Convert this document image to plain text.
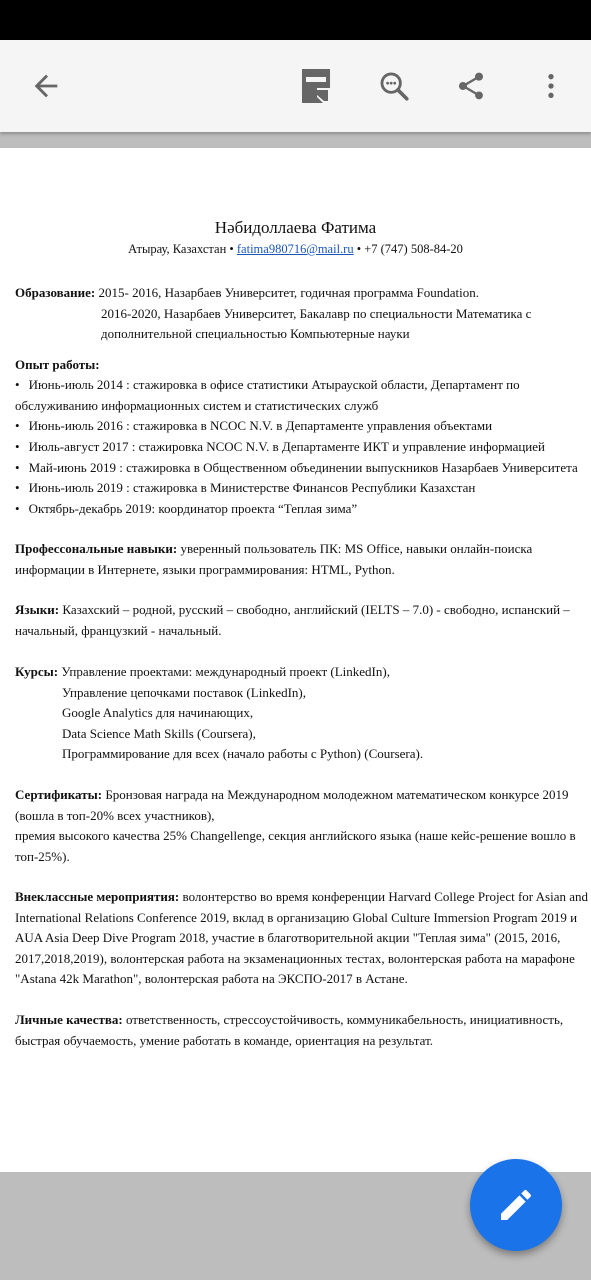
Нәбидоллаева Фатима
Атырау, Казахстан • fatima980716@mail.ru • +7 (747) 508-84-20
Образование: 2015- 2016, Назарбаев Университет, годичная программа Foundation.
2016-2020, Назарбаев Университет, Бакалавр по специальности Математика с
дополнительной специальностью Компьютерные науки
Опыт работы:
• Июнь-июль 2014 : стажировка в офисе статистики Атырауской области, Департамент по
обслуживанию информационных систем и статистических служб
• Июнь-июль 2016 : стажировка в NCOC N.V. в Департаменте управления объектами
• Июль-август 2017 : стажировка NCOC N.V. в Департаменте ИКТ и управление информацией
• Май-июнь 2019 : стажировка в Общественном объединении выпускников Назарбаев Университета
• Июнь-июль 2019 : стажировка в Министерстве Финансов Республики Казахстан
• Октябрь-декабрь 2019: координатор проекта “Теплая зима”
Профессональные навыки: уверенный пользователь ПК: MS Office, навыки онлайн-поиска
информации в Интернете, языки программирования: HTML, Python.
Языки: Казахский – родной, русский – свободно, английский (IELTS – 7.0) - свободно, испанский –
начальный, французкий - начальный.
Курсы: Управление проектами: международный проект (LinkedIn),
Управление цепочками поставок (LinkedIn),
Google Analytics для начинающих,
Data Science Math Skills (Coursera),
Программирование для всех (начало работы с Python) (Coursera).
Сертификаты: Бронзовая награда на Международном молодежном математическом конкурсе 2019
(вошла в топ-20% всех участников),
премия высокого качества 25% Changellenge, секция английского языка (наше кейс-решение вошло в
топ-25%).
Внеклассные мероприятия: волонтерство во время конференции Harvard College Project for Asian and
International Relations Conference 2019, вклад в организацию Global Culture Immersion Program 2019 и
AUA Asia Deep Dive Program 2018, участие в благотворительной акции "Теплая зима" (2015, 2016,
2017,2018,2019), волонтерская работа на экзаменационных тестах, волонтерская работа на марафоне
"Astana 42k Marathon", волонтерская работа на ЭКСПО-2017 в Астане.
Личные качества: ответственность, стрессоустойчивость, коммуникабельность, инициативность,
быстрая обучаемость, умение работать в команде, ориентация на результат.
